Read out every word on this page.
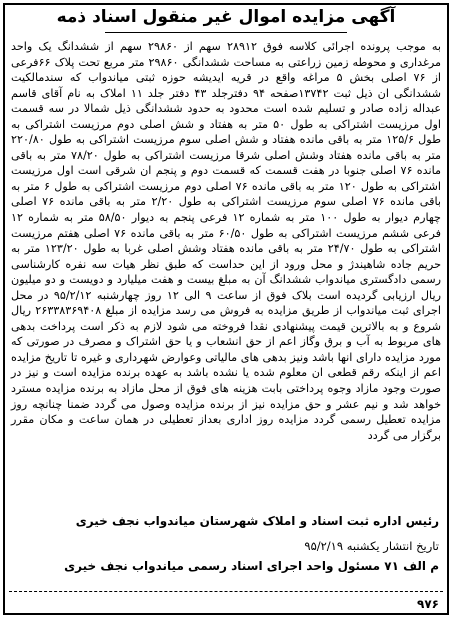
آگهی مزایده اموال غیر منقول اسناد ذمه
به موجب پرونده اجرائی کلاسه فوق ۲۸۹۱۲ سهم از ۲۹۸۶۰ سهم از ششدانگ یک واحد مرغداری و محوطه زمین زراعتی به مساحت ششدانگی ۲۹۸۶۰ متر مربع تحت پلاک ۶۶فرعی از ۷۶ اصلی بخش ۵ مراغه واقع در قریه ایدیشه حوزه ثبتی میاندواب که سندمالکیت ششدانگی ان ذیل ثبت ۱۳۷۴۲صفحه ۹۴ دفترجلد ۴۳ دفتر جلد ۱۱ املاک به نام آقای قاسم عبداله زاده صادر و تسلیم شده است محدود به حدود ششدانگی ذیل شمالا در سه قسمت اول مرزیست اشتراکی به طول ۵۰ متر به هفتاد و شش اصلی دوم مرزیست اشتراکی به طول ۱۲۵/۶ متر به باقی مانده هفتاد و شش اصلی سوم مرزیست اشتراکی به طول ۲۲۰/۸۰ متر به باقی مانده هفتاد وشش اصلی شرقا مرزیست اشتراکی به طول ۷۸/۲۰ متر به باقی مانده ۷۶ اصلی جنوبا در هفت قسمت که قسمت دوم و پنجم ان شرقی است اول مرزیست اشتراکی به طول ۱۲۰ متر به باقی مانده ۷۶ اصلی دوم مرزیست اشتراکی به طول ۶ متر به باقی مانده ۷۶ اصلی سوم مرزیست اشتراکی به طول ۲/۲۰ متر به باقی مانده ۷۶ اصلی چهارم دیوار به طول ۱۰۰ متر به شماره ۱۲ فرعی پنجم به دیوار ۵۸/۵۰ متر به شماره ۱۲ فرعی ششم مرزیست اشتراکی به طول ۶۰/۵۰ متر به باقی مانده ۷۶ اصلی هفتم مرزیست اشتراکی به طول ۲۴/۷۰ متر به باقی مانده هفتاد وشش اصلی غربا به طول ۱۲۳/۲۰ متر به حریم جاده شاهیندژ و محل ورود از این حداست که طبق نظر هیات سه نفره کارشناسی رسمی دادگستری میاندواب ششدانگ آن به مبلغ بیست و هفت میلیارد و دویست و دو میلیون ریال ارزیابی گردیده است بلاک فوق از ساعت ۹ الی ۱۲ روز چهارشنبه ۹۵/۲/۱۲ در محل اجرای ثبت میاندواب از طریق مزایده به فروش می رسد مزایده از مبلغ ۲۶۳۳۸۳۶۹۴۰۸ ریال شروع و به بالاترین قیمت پیشنهادی نقدا فروخته می شود لازم به ذکر است پرداخت بدهی های مربوط به آب و برق وگاز اعم از حق انشعاب و یا حق اشتراک و مصرف در صورتی که مورد مزایده دارای انها باشد ونیز بدهی های مالیاتی وعوارض شهرداری و غیره تا تاریخ مزایده اعم از اینکه رقم قطعی ان معلوم شده یا نشده باشد به عهده برنده مزایده است و نیز در صورت وجود مازاد وجوه پرداختی بابت هزینه های فوق از محل مازاد به برنده مزایده مسترد خواهد شد و نیم عشر و حق مزایده نیز از برنده مزایده وصول می گردد ضمنا چنانچه روز مزایده تعطیل رسمی گردد مزایده روز اداری بعداز تعطیلی در همان ساعت و مکان مقرر برگزار می گردد
رئیس اداره ثبت اسناد و املاک شهرستان میاندواب نجف خیری
تاریخ انتشار یکشنبه ۹۵/۲/۱۹
م الف ۷۱ مسئول واحد اجرای اسناد رسمی میاندواب نجف خیری
۹۷۶
